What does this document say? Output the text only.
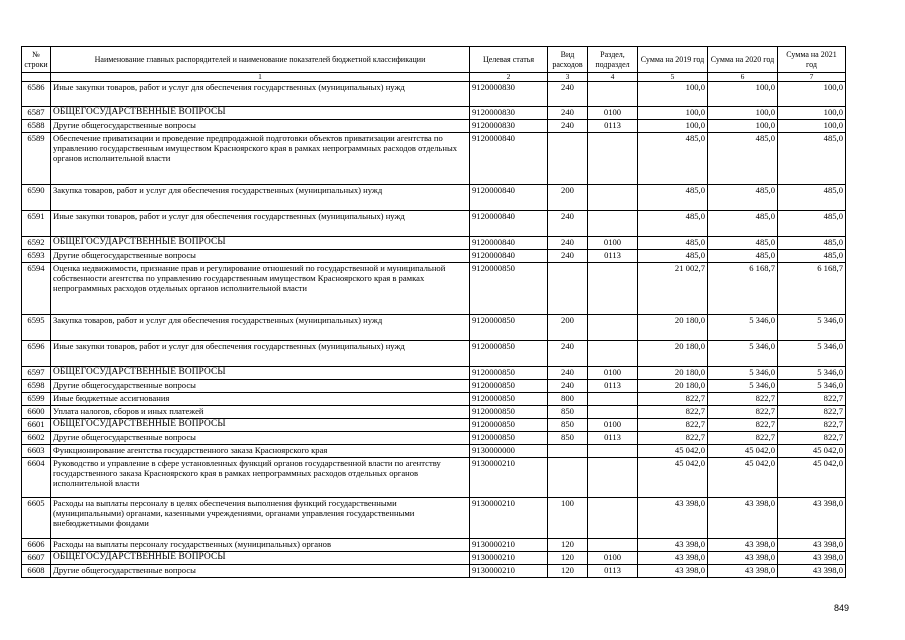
№ строки	Наименование главных распорядителей и наименование показателей бюджетной классификации	Целевая статья	Вид расходов	Раздел, подраздел	Сумма на 2019 год	Сумма на 2020 год	Сумма на 2021 год
	1	2	3	4	5	6	7
6586	Иные закупки товаров, работ и услуг для обеспечения государственных (муниципальных) нужд	9120000830	240		100,0	100,0	100,0
6587	ОБЩЕГОСУДАРСТВЕННЫЕ ВОПРОСЫ	9120000830	240	0100	100,0	100,0	100,0
6588	Другие общегосударственные вопросы	9120000830	240	0113	100,0	100,0	100,0
6589	Обеспечение приватизации и проведение предпродажной подготовки объектов приватизации агентства по управлению государственным имуществом Красноярского края в рамках непрограммных расходов отдельных органов исполнительной власти	9120000840			485,0	485,0	485,0
6590	Закупка товаров, работ и услуг для обеспечения государственных (муниципальных) нужд	9120000840	200		485,0	485,0	485,0
6591	Иные закупки товаров, работ и услуг для обеспечения государственных (муниципальных) нужд	9120000840	240		485,0	485,0	485,0
6592	ОБЩЕГОСУДАРСТВЕННЫЕ ВОПРОСЫ	9120000840	240	0100	485,0	485,0	485,0
6593	Другие общегосударственные вопросы	9120000840	240	0113	485,0	485,0	485,0
6594	Оценка недвижимости, признание прав и регулирование отношений по государственной и муниципальной собственности агентства по управлению государственным имуществом Красноярского края в рамках непрограммных расходов отдельных органов исполнительной власти	9120000850			21 002,7	6 168,7	6 168,7
6595	Закупка товаров, работ и услуг для обеспечения государственных (муниципальных) нужд	9120000850	200		20 180,0	5 346,0	5 346,0
6596	Иные закупки товаров, работ и услуг для обеспечения государственных (муниципальных) нужд	9120000850	240		20 180,0	5 346,0	5 346,0
6597	ОБЩЕГОСУДАРСТВЕННЫЕ ВОПРОСЫ	9120000850	240	0100	20 180,0	5 346,0	5 346,0
6598	Другие общегосударственные вопросы	9120000850	240	0113	20 180,0	5 346,0	5 346,0
6599	Иные бюджетные ассигнования	9120000850	800		822,7	822,7	822,7
6600	Уплата налогов, сборов и иных платежей	9120000850	850		822,7	822,7	822,7
6601	ОБЩЕГОСУДАРСТВЕННЫЕ ВОПРОСЫ	9120000850	850	0100	822,7	822,7	822,7
6602	Другие общегосударственные вопросы	9120000850	850	0113	822,7	822,7	822,7
6603	Функционирование агентства государственного заказа Красноярского края	9130000000			45 042,0	45 042,0	45 042,0
6604	Руководство и управление в сфере установленных функций органов государственной власти по агентству государственного заказа Красноярского края в рамках непрограммных расходов отдельных органов исполнительной власти	9130000210			45 042,0	45 042,0	45 042,0
6605	Расходы на выплаты персоналу в целях обеспечения выполнения функций государственными (муниципальными) органами, казенными учреждениями, органами управления государственными внебюджетными фондами	9130000210	100		43 398,0	43 398,0	43 398,0
6606	Расходы на выплаты персоналу государственных (муниципальных) органов	9130000210	120		43 398,0	43 398,0	43 398,0
6607	ОБЩЕГОСУДАРСТВЕННЫЕ ВОПРОСЫ	9130000210	120	0100	43 398,0	43 398,0	43 398,0
6608	Другие общегосударственные вопросы	9130000210	120	0113	43 398,0	43 398,0	43 398,0
849
